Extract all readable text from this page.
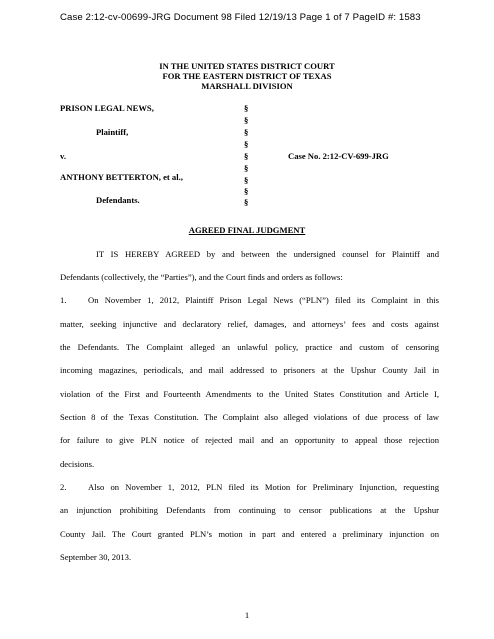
Case 2:12-cv-00699-JRG Document 98 Filed 12/19/13 Page 1 of 7 PageID #: 1583
IN THE UNITED STATES DISTRICT COURT
FOR THE EASTERN DISTRICT OF TEXAS
MARSHALL DIVISION
PRISON LEGAL NEWS,
Plaintiff,
v.
ANTHONY BETTERTON, et al.,
Defendants.
Case No. 2:12-CV-699-JRG
§
§
§
§
§
§
§
§
§
AGREED FINAL JUDGMENT
IT IS HEREBY AGREED by and between the undersigned counsel for Plaintiff and
Defendants (collectively, the “Parties”), and the Court finds and orders as follows:
1.	On November 1, 2012, Plaintiff Prison Legal News (“PLN”) filed its Complaint in this
matter, seeking injunctive and declaratory relief, damages, and attorneys’ fees and costs against
the Defendants. The Complaint alleged an unlawful policy, practice and custom of censoring
incoming magazines, periodicals, and mail addressed to prisoners at the Upshur County Jail in
violation of the First and Fourteenth Amendments to the United States Constitution and Article I,
Section 8 of the Texas Constitution. The Complaint also alleged violations of due process of law
for failure to give PLN notice of rejected mail and an opportunity to appeal those rejection
decisions.
2.	Also on November 1, 2012, PLN filed its Motion for Preliminary Injunction, requesting
an injunction prohibiting Defendants from continuing to censor publications at the Upshur
County Jail. The Court granted PLN’s motion in part and entered a preliminary injunction on
September 30, 2013.
1
